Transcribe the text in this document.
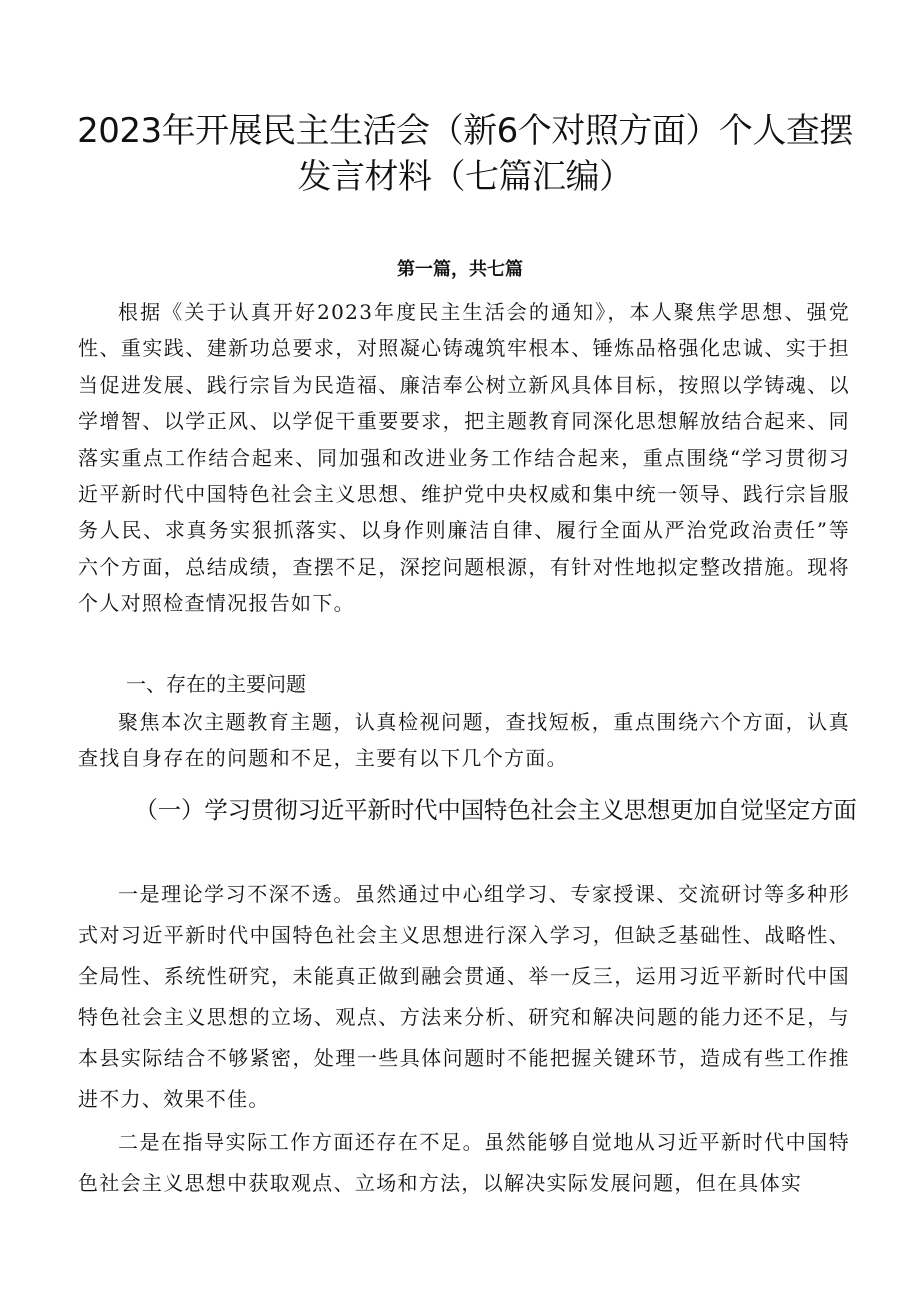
2023年开展民主生活会（新6个对照方面）个人查摆发言材料（七篇汇编）
第一篇，共七篇

根据《关于认真开好2023年度民主生活会的通知》，本人聚焦学思想、强党性、重实践、建新功总要求，对照凝心铸魂筑牢根本、锤炼品格强化忠诚、实于担当促进发展、践行宗旨为民造福、廉洁奉公树立新风具体目标，按照以学铸魂、以学增智、以学正风、以学促干重要要求，把主题教育同深化思想解放结合起来、同落实重点工作结合起来、同加强和改进业务工作结合起来，重点围绕“学习贯彻习近平新时代中国特色社会主义思想、维护党中央权威和集中统一领导、践行宗旨服务人民、求真务实狠抓落实、以身作则廉洁自律、履行全面从严治党政治责任”等六个方面，总结成绩，查摆不足，深挖问题根源，有针对性地拟定整改措施。现将个人对照检查情况报告如下。

一、存在的主要问题

聚焦本次主题教育主题，认真检视问题，查找短板，重点围绕六个方面，认真查找自身存在的问题和不足，主要有以下几个方面。

（一）学习贯彻习近平新时代中国特色社会主义思想更加自觉坚定方面

一是理论学习不深不透。虽然通过中心组学习、专家授课、交流研讨等多种形式对习近平新时代中国特色社会主义思想进行深入学习，但缺乏基础性、战略性、全局性、系统性研究，未能真正做到融会贯通、举一反三，运用习近平新时代中国特色社会主义思想的立场、观点、方法来分析、研究和解决问题的能力还不足，与本县实际结合不够紧密，处理一些具体问题时不能把握关键环节，造成有些工作推进不力、效果不佳。

二是在指导实际工作方面还存在不足。虽然能够自觉地从习近平新时代中国特色社会主义思想中获取观点、立场和方法，以解决实际发展问题，但在具体实
